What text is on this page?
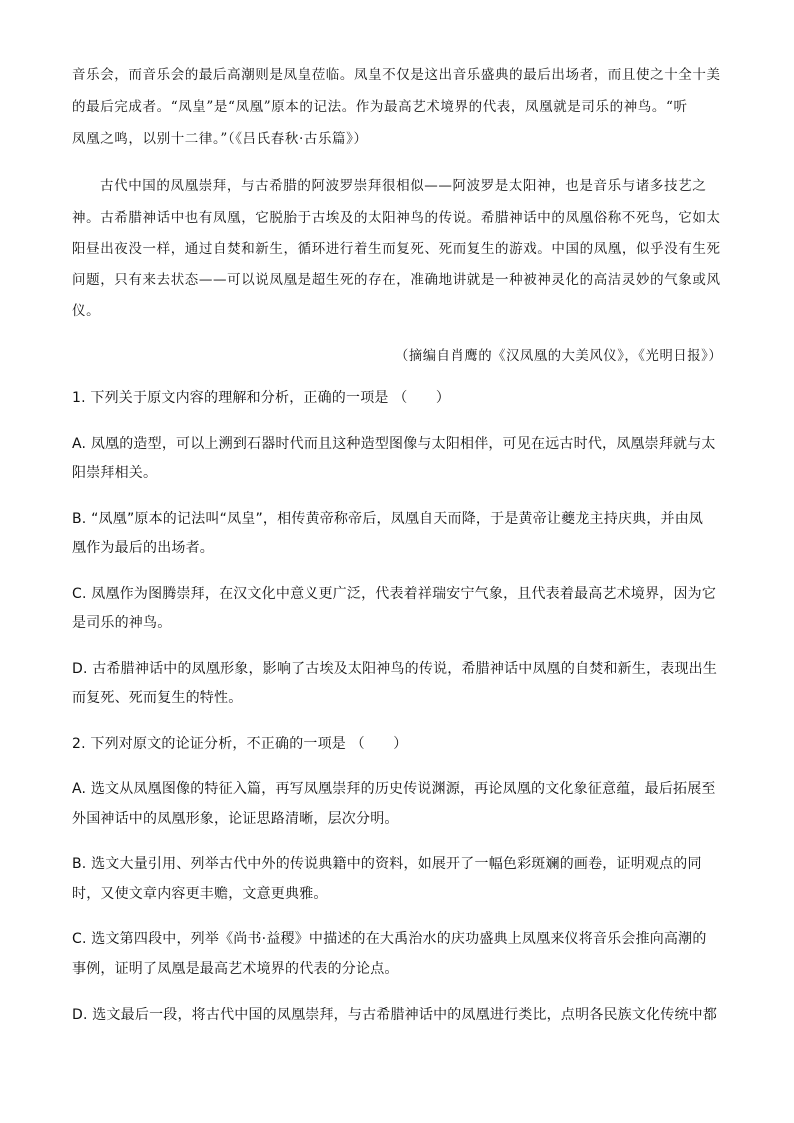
音乐会，而音乐会的最后高潮则是凤皇莅临。凤皇不仅是这出音乐盛典的最后出场者，而且使之十全十美
的最后完成者。“凤皇”是“凤凰”原本的记法。作为最高艺术境界的代表，凤凰就是司乐的神鸟。“听
凤凰之鸣，以别十二律。”（《吕氏春秋·古乐篇》）
古代中国的凤凰崇拜，与古希腊的阿波罗崇拜很相似——阿波罗是太阳神，也是音乐与诸多技艺之
神。古希腊神话中也有凤凰，它脱胎于古埃及的太阳神鸟的传说。希腊神话中的凤凰俗称不死鸟，它如太
阳昼出夜没一样，通过自焚和新生，循环进行着生而复死、死而复生的游戏。中国的凤凰，似乎没有生死
问题，只有来去状态——可以说凤凰是超生死的存在，准确地讲就是一种被神灵化的高洁灵妙的气象或风
仪。
（摘编自肖鹰的《汉凤凰的大美风仪》，《光明日报》）
1. 下列关于原文内容的理解和分析，正确的一项是 （　　）
A. 凤凰的造型，可以上溯到石器时代而且这种造型图像与太阳相伴，可见在远古时代，凤凰崇拜就与太
阳崇拜相关。
B. “凤凰”原本的记法叫“凤皇”，相传黄帝称帝后，凤凰自天而降，于是黄帝让夔龙主持庆典，并由凤
凰作为最后的出场者。
C. 凤凰作为图腾崇拜，在汉文化中意义更广泛，代表着祥瑞安宁气象，且代表着最高艺术境界，因为它
是司乐的神鸟。
D. 古希腊神话中的凤凰形象，影响了古埃及太阳神鸟的传说，希腊神话中凤凰的自焚和新生，表现出生
而复死、死而复生的特性。
2. 下列对原文的论证分析，不正确的一项是 （　　）
A. 选文从凤凰图像的特征入篇，再写凤凰崇拜的历史传说渊源，再论凤凰的文化象征意蕴，最后拓展至
外国神话中的凤凰形象，论证思路清晰，层次分明。
B. 选文大量引用、列举古代中外的传说典籍中的资料，如展开了一幅色彩斑斓的画卷，证明观点的同
时，又使文章内容更丰赡，文意更典雅。
C. 选文第四段中，列举《尚书·益稷》中描述的在大禹治水的庆功盛典上凤凰来仪将音乐会推向高潮的
事例，证明了凤凰是最高艺术境界的代表的分论点。
D. 选文最后一段，将古代中国的凤凰崇拜，与古希腊神话中的凤凰进行类比，点明各民族文化传统中都
